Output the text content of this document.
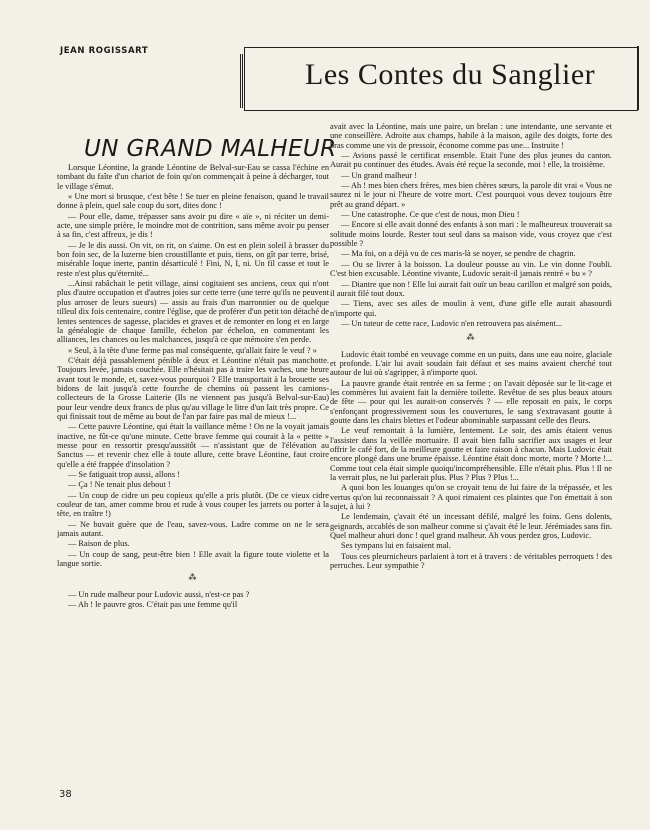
JEAN ROGISSART
Les Contes du Sanglier
UN GRAND MALHEUR

Lorsque Léontine, la grande Léontine de Belval-sur-Eau se cassa l'échine en tombant du faîte d'un chariot de foin qu'on commençait à peine à décharger, tout le village s'émut.

« Une mort si brusque, c'est bête ! Se tuer en pleine fenaison, quand le travail donne à plein, quel sale coup du sort, dites donc !

— Pour elle, dame, trépasser sans avoir pu dire « aïe », ni réciter un demi-acte, une simple prière, le moindre mot de contrition, sans même avoir pu penser à sa fin, c'est affreux, je dis !

— Je le dis aussi. On vit, on rit, on s'aime. On est en plein soleil à brasser du bon foin sec, de la luzerne bien croustillante et puis, tiens, on gît par terre, brisé, misérable loque inerte, pantin désarticulé ! Fini, N, I, ni. Un fil casse et tout le reste n'est plus qu'éternité...

...Ainsi rabâchait le petit village, ainsi cogitaient ses anciens, ceux qui n'ont plus d'autre occupation et d'autres joies sur cette terre (une terre qu'ils ne peuvent plus arroser de leurs sueurs) — assis au frais d'un marronnier ou de quelque tilleul dix fois centenaire, contre l'église, que de proférer d'un petit ton détaché de lentes sentences de sagesse, placides et graves et de remonter en long et en large la généalogie de chaque famille, échelon par échelon, en commentant les alliances, les chances ou les malchances, jusqu'à ce que mémoire s'en perde.

« Seul, à la tête d'une ferme pas mal conséquente, qu'allait faire le veuf ? »

C'était déjà passablement pénible à deux et Léontine n'était pas manchotte. Toujours levée, jamais couchée. Elle n'hésitait pas à traire les vaches, une heure avant tout le monde, et, savez-vous pourquoi ? Elle transportait à la brouette ses bidons de lait jusqu'à cette fourche de chemins où passent les camions-collecteurs de la Grosse Laiterie (Ils ne viennent pas jusqu'à Belval-sur-Eau) pour leur vendre deux francs de plus qu'au village le litre d'un lait très propre. Ce qui finissait tout de même au bout de l'an par faire pas mal de mieux !...

— Cette pauvre Léontine, qui était la vaillance même ! On ne la voyait jamais inactive, ne fût-ce qu'une minute. Cette brave femme qui courait à la « petite » messe pour en ressortir presqu'aussitôt — n'assistant que de l'élévation au Sanctus — et revenir chez elle à toute allure, cette brave Léontine, faut croire qu'elle a été frappée d'insolation ?

— Se fatiguait trop aussi, allons !

— Ça ! Ne tenait plus debout !

— Un coup de cidre un peu copieux qu'elle a pris plutôt. (De ce vieux cidre couleur de tan, amer comme brou et rude à vous couper les jarrets ou porter à la tête, en traître !)

— Ne buvait guère que de l'eau, savez-vous. Ladre comme on ne le sera jamais autant.

— Raison de plus.

— Un coup de sang, peut-être bien ! Elle avait la figure toute violette et la langue sortie.

⁂

— Un rude malheur pour Ludovic aussi, n'est-ce pas ?

— Ah ! le pauvre gros. C'était pas une femme qu'il

avait avec la Léontine, mais une paire, un brelan : une intendante, une servante et une conseillère. Adroite aux champs, habile à la maison, agile des doigts, forte des bras comme une vis de pressoir, économe comme pas une... Instruite !

— Avions passé le certificat ensemble. Etait l'une des plus jeunes du canton. Aurait pu continuer des études. Avais été reçue la seconde, moi ! elle, la troisième.

— Un grand malheur !

— Ah ! mes bien chers frères, mes bien chères sœurs, la parole dit vrai « Vous ne saurez ni le jour ni l'heure de votre mort. C'est pourquoi vous devez toujours être prêt au grand départ. »

— Une catastrophe. Ce que c'est de nous, mon Dieu !

— Encore si elle avait donné des enfants à son mari : le malheureux trouverait sa solitude moins lourde. Rester tout seul dans sa maison vide, vous croyez que c'est possible ?

— Ma foi, on a déjà vu de ces maris-là se noyer, se pendre de chagrin.

— Ou se livrer à la boisson. La douleur pousse au vin. Le vin donne l'oubli. C'est bien excusable. Léontine vivante, Ludovic serait-il jamais rentré « bu » ?

— Diantre que non ! Elle lui aurait fait ouïr un beau carillon et malgré son poids, il aurait filé tout doux.

— Tiens, avec ses ailes de moulin à vent, d'une gifle elle aurait abasourdi n'importe qui.

— Un tuteur de cette race, Ludovic n'en retrouvera pas aisément...

⁂

Ludovic était tombé en veuvage comme en un puits, dans une eau noire, glaciale et profonde. L'air lui avait soudain fait défaut et ses mains avaient cherché tout autour de lui où s'agripper, à n'importe quoi.

La pauvre grande était rentrée en sa ferme ; on l'avait déposée sur le lit-cage et les commères lui avaient fait la dernière toilette. Revêtue de ses plus beaux atours de fête — pour qui les aurait-on conservés ? — elle reposait en paix, le corps s'enfonçant progressivement sous les couvertures, le sang s'extravasant goutte à goutte dans les chairs blettes et l'odeur abominable surpassant celle des fleurs.

Le veuf remontait à la lumière, lentement. Le soir, des amis étaient venus l'assister dans la veillée mortuaire. Il avait bien fallu sacrifier aux usages et leur offrir le café fort, de la meilleure goutte et faire raison à chacun. Mais Ludovic était encore plongé dans une brume épaisse. Léontine était donc morte, morte ? Morte !... Comme tout cela était simple quoiqu'incompréhensible. Elle n'était plus. Plus ! Il ne la verrait plus, ne lui parlerait plus. Plus ? Plus ? Plus !...

A quoi bon les louanges qu'on se croyait tenu de lui faire de la trépassée, et les vertus qu'on lui reconnaissait ? A quoi rimaient ces plaintes que l'on émettait à son sujet, à lui ?

Le lendemain, ç'avait été un incessant défilé, malgré les foins. Gens dolents, geignards, accablés de son malheur comme si ç'avait été le leur. Jérémiades sans fin. Quel malheur ahuri donc ! quel grand malheur. Ah vous perdez gros, Ludovic.

Ses tympans lui en faisaient mal.

Tous ces pleurnicheurs parlaient à tort et à travers : de véritables perroquets ! des perruches. Leur sympathie ?

38
